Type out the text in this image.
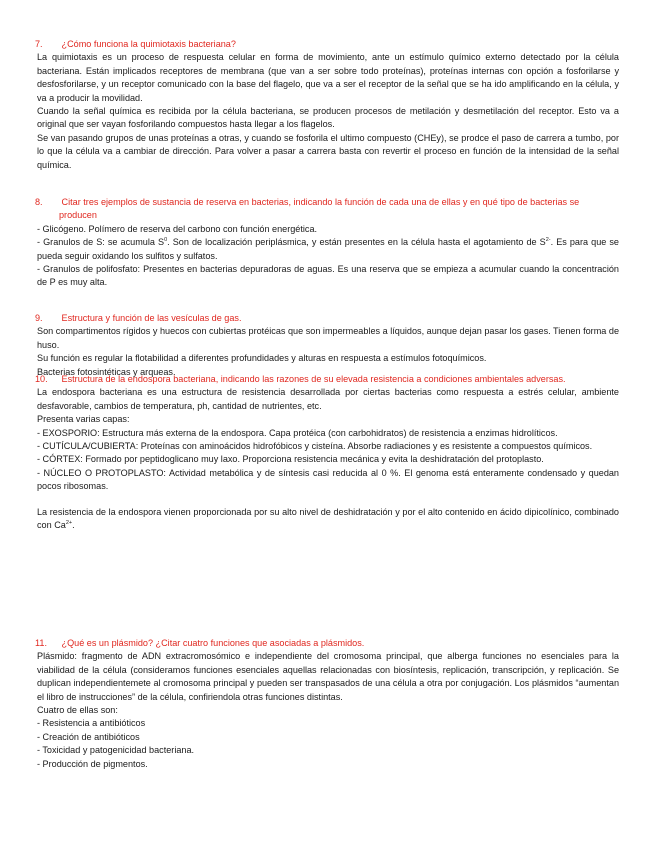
7. ¿Cómo funciona la quimiotaxis bacteriana?

La quimiotaxis es un proceso de respuesta celular en forma de movimiento, ante un estímulo químico externo detectado por la célula bacteriana. Están implicados receptores de membrana (que van a ser sobre todo proteínas), proteínas internas con opción a fosforilarse y desfosforilarse, y un receptor comunicado con la base del flagelo, que va a ser el receptor de la señal que se ha ido amplificando en la célula, y va a producir la movilidad.

Cuando la señal química es recibida por la célula bacteriana, se producen procesos de metilación y desmetilación del receptor. Esto va a original que ser vayan fosforilando compuestos hasta llegar a los flagelos.

Se van pasando grupos de unas proteínas a otras, y cuando se fosforila el ultimo compuesto (CHEy), se prodce el paso de carrera a tumbo, por lo que la célula va a cambiar de dirección. Para volver a pasar a carrera basta con revertir el proceso en función de la intensidad de la señal química.

8. Citar tres ejemplos de sustancia de reserva en bacterias, indicando la función de cada una de ellas y en qué tipo de bacterias se producen

- Glicógeno. Polímero de reserva del carbono con función energética.

- Granulos de S: se acumula $S^0$. Son de localización periplásmica, y están presentes en la célula hasta el agotamiento de $S^{2-}$. Es para que se pueda seguir oxidando los sulfitos y sulfatos.

- Granulos de polifosfato: Presentes en bacterias depuradoras de aguas. Es una reserva que se empieza a acumular cuando la concentración de P es muy alta.

9. Estructura y función de las vesículas de gas.

Son compartimentos rígidos y huecos con cubiertas protéicas que son impermeables a líquidos, aunque dejan pasar los gases. Tienen forma de huso.

Su función es regular la flotabilidad a diferentes profundidades y alturas en respuesta a estímulos fotoquímicos.

Bacterias fotosintéticas y arqueas.

10. Estructura de la endospora bacteriana, indicando las razones de su elevada resistencia a condiciones ambientales adversas.

La endospora bacteriana es una estructura de resistencia desarrollada por ciertas bacterias como respuesta a estrés celular, ambiente desfavorable, cambios de temperatura, ph, cantidad de nutrientes, etc.

Presenta varias capas:

- EXOSPORIO: Estructura más externa de la endospora. Capa protéica (con carbohidratos) de resistencia a enzimas hidrolíticos.

- CUTÍCULA/CUBIERTA: Proteínas con aminoácidos hidrofóbicos y cisteína. Absorbe radiaciones y es resistente a compuestos químicos.

- CÓRTEX: Formado por peptidoglicano muy laxo. Proporciona resistencia mecánica y evita la deshidratación del protoplasto.

- NÚCLEO O PROTOPLASTO: Actividad metabólica y de síntesis casi reducida al 0 %. El genoma está enteramente condensado y quedan pocos ribosomas.

La resistencia de la endospora vienen proporcionada por su alto nivel de deshidratación y por el alto contenido en ácido dipicolínico, combinado con $Ca^{2+}$.

11. ¿Qué es un plásmido? ¿Citar cuatro funciones que asociadas a plásmidos.

Plásmido: fragmento de ADN extracromosómico e independiente del cromosoma principal, que alberga funciones no esenciales para la viabilidad de la célula (consideramos funciones esenciales aquellas relacionadas con biosíntesis, replicación, transcripción, y replicación. Se duplican independientemete al cromosoma principal y pueden ser transpasados de una célula a otra por conjugación. Los plásmidos “aumentan el libro de instrucciones” de la célula, confiriendola otras funciones distintas.

Cuatro de ellas son:

- Resistencia a antibióticos

- Creación de antibióticos

- Toxicidad y patogenicidad bacteriana.

- Producción de pigmentos.
